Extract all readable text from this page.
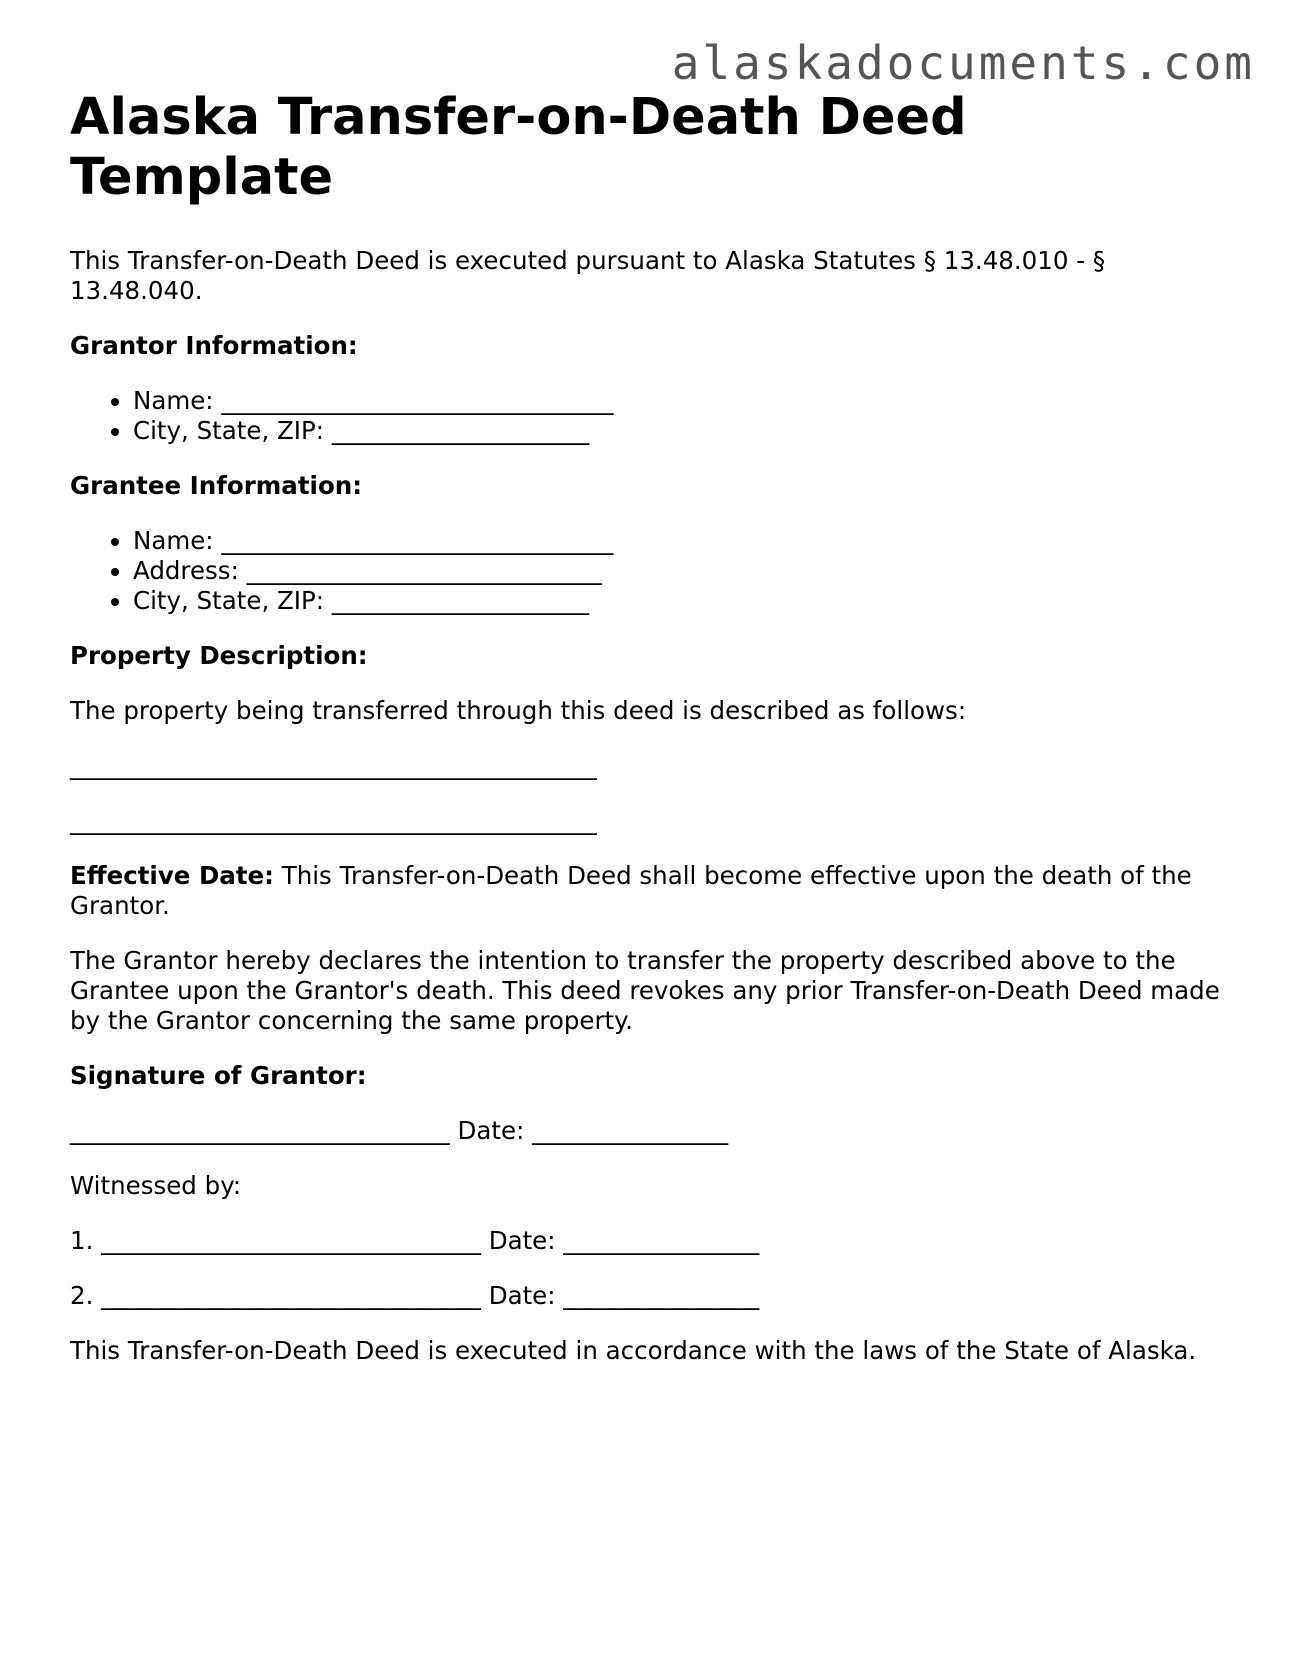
alaskadocuments.com
Alaska Transfer-on-Death Deed Template

This Transfer-on-Death Deed is executed pursuant to Alaska Statutes § 13.48.010 - § 13.48.040.

Grantor Information:

• Name: ________________________________
• City, State, ZIP: _____________________

Grantee Information:

• Name: ________________________________
• Address: _____________________________
• City, State, ZIP: _____________________

Property Description:

The property being transferred through this deed is described as follows:

___________________________________________

___________________________________________

Effective Date: This Transfer-on-Death Deed shall become effective upon the death of the Grantor.

The Grantor hereby declares the intention to transfer the property described above to the Grantee upon the Grantor's death. This deed revokes any prior Transfer-on-Death Deed made by the Grantor concerning the same property.

Signature of Grantor:

_______________________________ Date: ________________

Witnessed by:

1. _______________________________ Date: ________________

2. _______________________________ Date: ________________

This Transfer-on-Death Deed is executed in accordance with the laws of the State of Alaska.
